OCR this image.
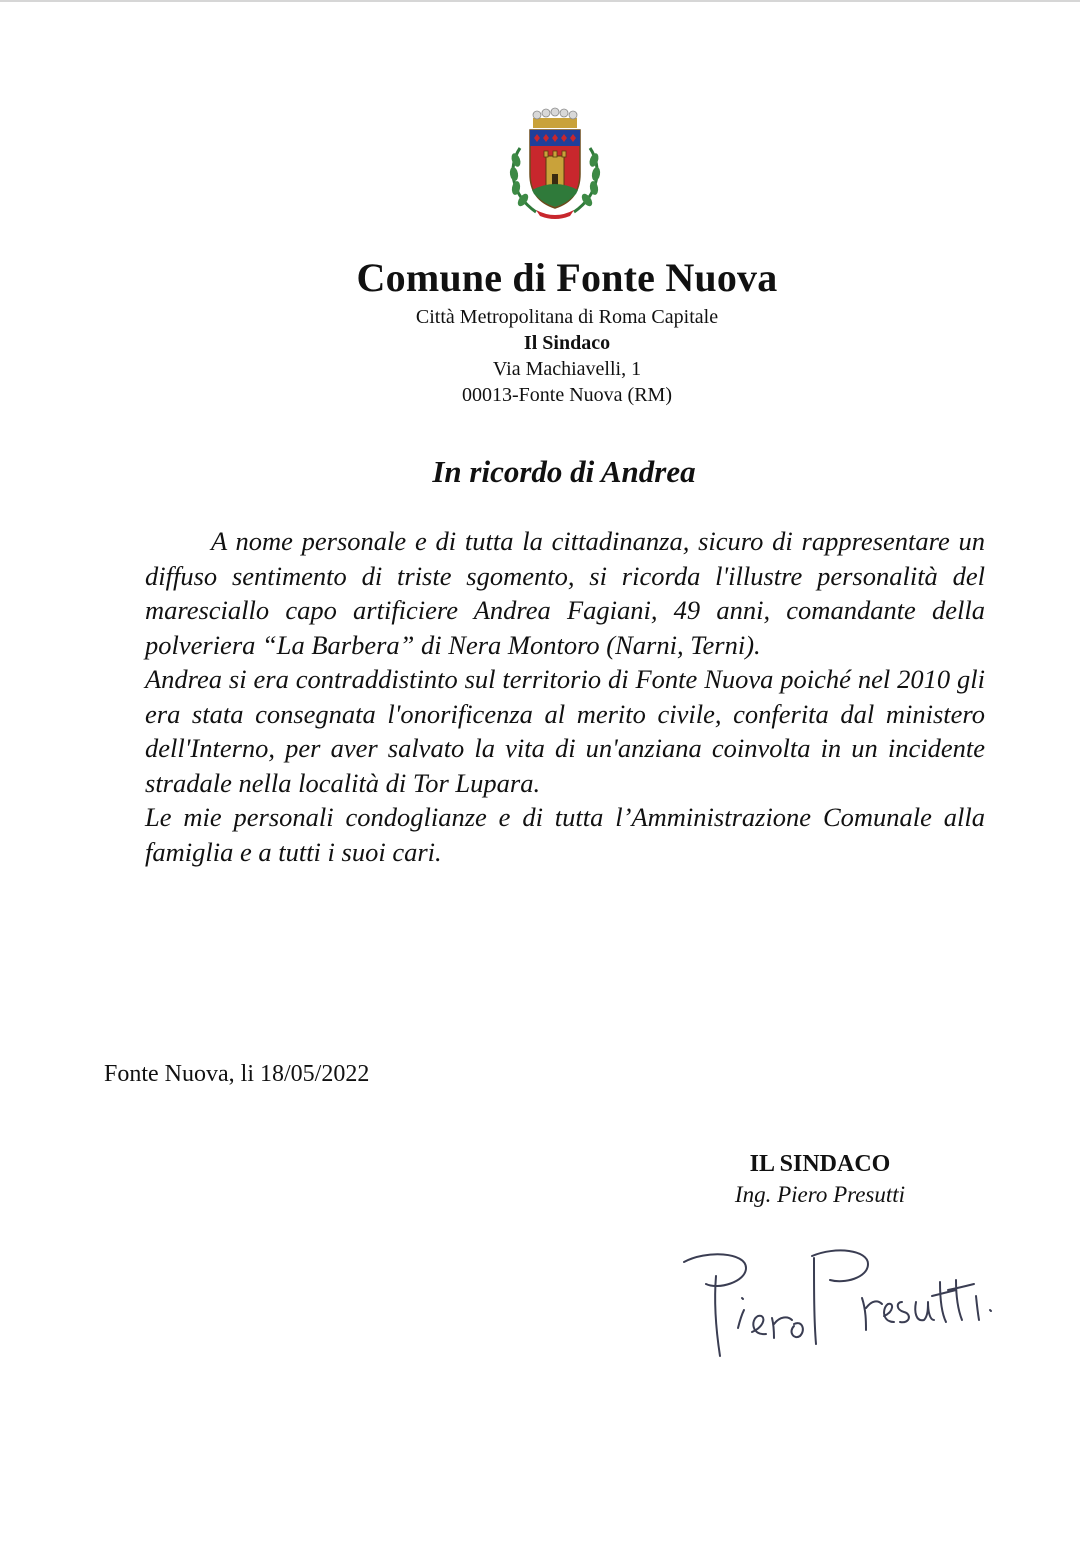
Comune di Fonte Nuova
Città Metropolitana di Roma Capitale
Il Sindaco
Via Machiavelli, 1
00013-Fonte Nuova (RM)
In ricordo di Andrea

A nome personale e di tutta la cittadinanza, sicuro di rappresentare un diffuso sentimento di triste sgomento, si ricorda l'illustre personalità del maresciallo capo artificiere Andrea Fagiani, 49 anni, comandante della polveriera “La Barbera” di Nera Montoro (Narni, Terni).

Andrea si era contraddistinto sul territorio di Fonte Nuova poiché nel 2010 gli era stata consegnata l'onorificenza al merito civile, conferita dal ministero dell'Interno, per aver salvato la vita di un'anziana coinvolta in un incidente stradale nella località di Tor Lupara.

Le mie personali condoglianze e di tutta l’Amministrazione Comunale alla famiglia e a tutti i suoi cari.

Fonte Nuova, li 18/05/2022
IL SINDACO
Ing. Piero Presutti
